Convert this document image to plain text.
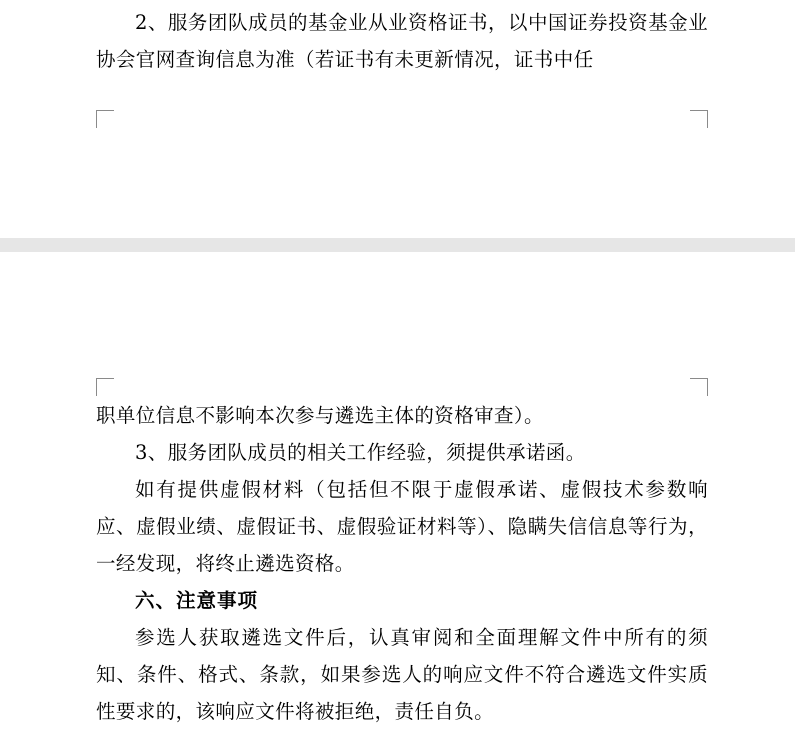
2、服务团队成员的基金业从业资格证书，以中国证券投资基金业协会官网查询信息为准（若证书有未更新情况，证书中任

职单位信息不影响本次参与遴选主体的资格审查）。

3、服务团队成员的相关工作经验，须提供承诺函。

如有提供虚假材料（包括但不限于虚假承诺、虚假技术参数响应、虚假业绩、虚假证书、虚假验证材料等）、隐瞒失信信息等行为，一经发现，将终止遴选资格。

六、注意事项

参选人获取遴选文件后，认真审阅和全面理解文件中所有的须知、条件、格式、条款，如果参选人的响应文件不符合遴选文件实质性要求的，该响应文件将被拒绝，责任自负。
